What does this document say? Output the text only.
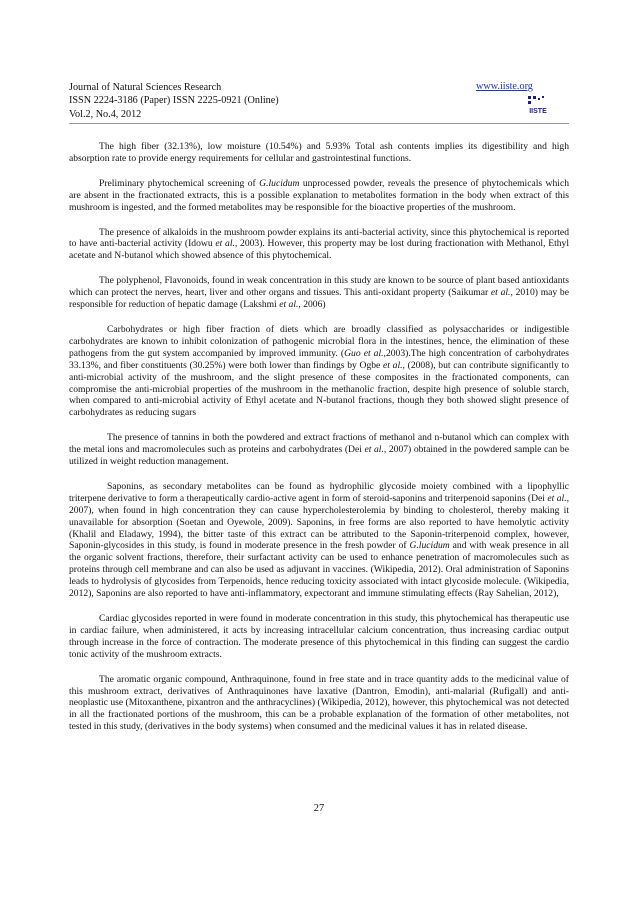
Journal of Natural Sciences Research
ISSN 2224-3186 (Paper) ISSN 2225-0921 (Online)
Vol.2, No.4, 2012
www.iiste.org
IISTE

The high fiber (32.13%), low moisture (10.54%) and 5.93% Total ash contents implies its digestibility and high absorption rate to provide energy requirements for cellular and gastrointestinal functions.

Preliminary phytochemical screening of G.lucidum unprocessed powder, reveals the presence of phytochemicals which are absent in the fractionated extracts, this is a possible explanation to metabolites formation in the body when extract of this mushroom is ingested, and the formed metabolites may be responsible for the bioactive properties of the mushroom.

The presence of alkaloids in the mushroom powder explains its anti-bacterial activity, since this phytochemical is reported to have anti-bacterial activity (Idowu et al., 2003). However, this property may be lost during fractionation with Methanol, Ethyl acetate and N-butanol which showed absence of this phytochemical.

The polyphenol, Flavonoids, found in weak concentration in this study are known to be source of plant based antioxidants which can protect the nerves, heart, liver and other organs and tissues. This anti-oxidant property (Saikumar et al., 2010) may be responsible for reduction of hepatic damage (Lakshmi et al., 2006)

Carbohydrates or high fiber fraction of diets which are broadly classified as polysaccharides or indigestible carbohydrates are known to inhibit colonization of pathogenic microbial flora in the intestines, hence, the elimination of these pathogens from the gut system accompanied by improved immunity. (Guo et al.,2003).The high concentration of carbohydrates 33.13%, and fiber constituents (30.25%) were both lower than findings by Ogbe et al., (2008), but can contribute significantly to anti-microbial activity of the mushroom, and the slight presence of these composites in the fractionated components, can compromise the anti-microbial properties of the mushroom in the methanolic fraction, despite high presence of soluble starch, when compared to anti-microbial activity of Ethyl acetate and N-butanol fractions, though they both showed slight presence of carbohydrates as reducing sugars

The presence of tannins in both the powdered and extract fractions of methanol and n-butanol which can complex with the metal ions and macromolecules such as proteins and carbohydrates (Dei et al., 2007) obtained in the powdered sample can be utilized in weight reduction management.

Saponins, as secondary metabolites can be found as hydrophilic glycoside moiety combined with a lipophyllic triterpene derivative to form a therapeutically cardio-active agent in form of steroid-saponins and triterpenoid saponins (Dei et al., 2007), when found in high concentration they can cause hypercholesterolemia by binding to cholesterol, thereby making it unavailable for absorption (Soetan and Oyewole, 2009). Saponins, in free forms are also reported to have hemolytic activity (Khalil and Eladawy, 1994), the bitter taste of this extract can be attributed to the Saponin-triterpenoid complex, however, Saponin-glycosides in this study, is found in moderate presence in the fresh powder of G.lucidum and with weak presence in all the organic solvent fractions, therefore, their surfactant activity can be used to enhance penetration of macromolecules such as proteins through cell membrane and can also be used as adjuvant in vaccines. (Wikipedia, 2012). Oral administration of Saponins leads to hydrolysis of glycosides from Terpenoids, hence reducing toxicity associated with intact glycoside molecule. (Wikipedia, 2012), Saponins are also reported to have anti-inflammatory, expectorant and immune stimulating effects (Ray Sahelian, 2012),

Cardiac glycosides reported in were found in moderate concentration in this study, this phytochemical has therapeutic use in cardiac failure, when administered, it acts by increasing intracellular calcium concentration, thus increasing cardiac output through increase in the force of contraction. The moderate presence of this phytochemical in this finding can suggest the cardio tonic activity of the mushroom extracts.

The aromatic organic compound, Anthraquinone, found in free state and in trace quantity adds to the medicinal value of this mushroom extract, derivatives of Anthraquinones have laxative (Dantron, Emodin), anti-malarial (Rufigall) and anti-neoplastic use (Mitoxanthene, pixantron and the anthracyclines) (Wikipedia, 2012), however, this phytochemical was not detected in all the fractionated portions of the mushroom, this can be a probable explanation of the formation of other metabolites, not tested in this study, (derivatives in the body systems) when consumed and the medicinal values it has in related disease.

27
